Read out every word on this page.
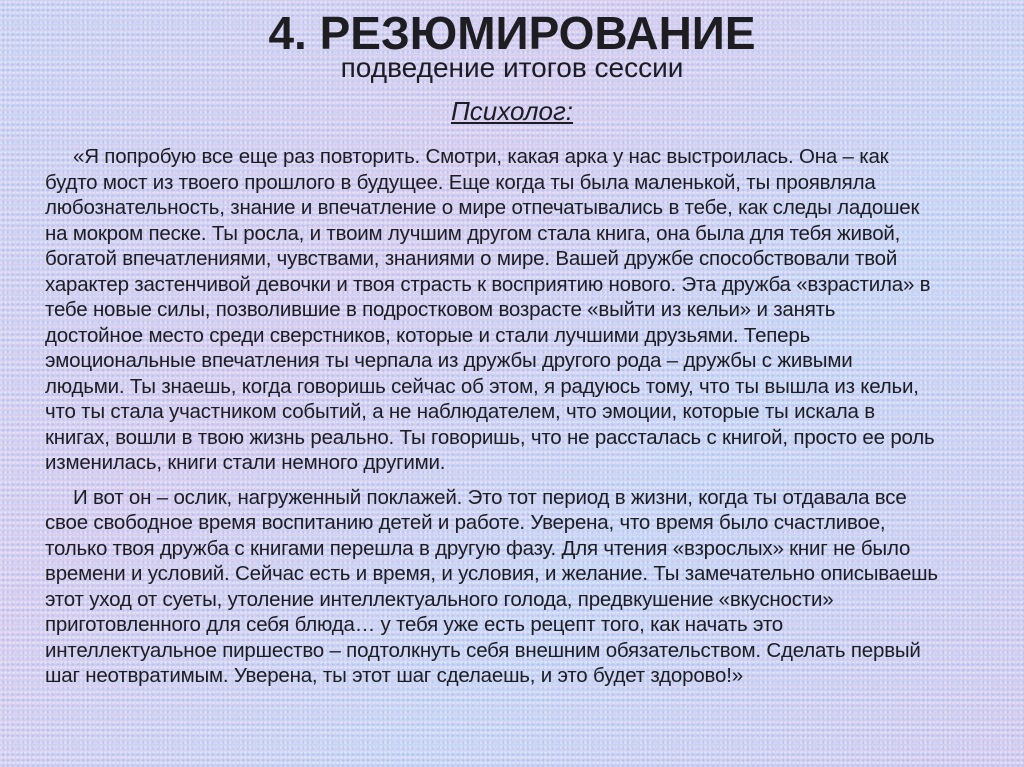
4. РЕЗЮМИРОВАНИЕ
подведение итогов сессии
Психолог:
«Я попробую все еще раз повторить. Смотри, какая арка у нас выстроилась. Она – как
будто мост из твоего прошлого в будущее. Еще когда ты была маленькой, ты проявляла
любознательность, знание и впечатление о мире отпечатывались в тебе, как следы ладошек
на мокром песке. Ты росла, и твоим лучшим другом стала книга, она была для тебя живой,
богатой впечатлениями, чувствами, знаниями о мире. Вашей дружбе способствовали твой
характер застенчивой девочки и твоя страсть к восприятию нового. Эта дружба «взрастила» в
тебе новые силы, позволившие в подростковом возрасте «выйти из кельи» и занять
достойное место среди сверстников, которые и стали лучшими друзьями. Теперь
эмоциональные впечатления ты черпала из дружбы другого рода – дружбы с живыми
людьми. Ты знаешь, когда говоришь сейчас об этом, я радуюсь тому, что ты вышла из кельи,
что ты стала участником событий, а не наблюдателем, что эмоции, которые ты искала в
книгах, вошли в твою жизнь реально. Ты говоришь, что не рассталась с книгой, просто ее роль
изменилась, книги стали немного другими.
И вот он – ослик, нагруженный поклажей. Это тот период в жизни, когда ты отдавала все
свое свободное время воспитанию детей и работе. Уверена, что время было счастливое,
только твоя дружба с книгами перешла в другую фазу. Для чтения «взрослых» книг не было
времени и условий. Сейчас есть и время, и условия, и желание. Ты замечательно описываешь
этот уход от суеты, утоление интеллектуального голода, предвкушение «вкусности»
приготовленного для себя блюда… у тебя уже есть рецепт того, как начать это
интеллектуальное пиршество – подтолкнуть себя внешним обязательством. Сделать первый
шаг неотвратимым. Уверена, ты этот шаг сделаешь, и это будет здорово!»
